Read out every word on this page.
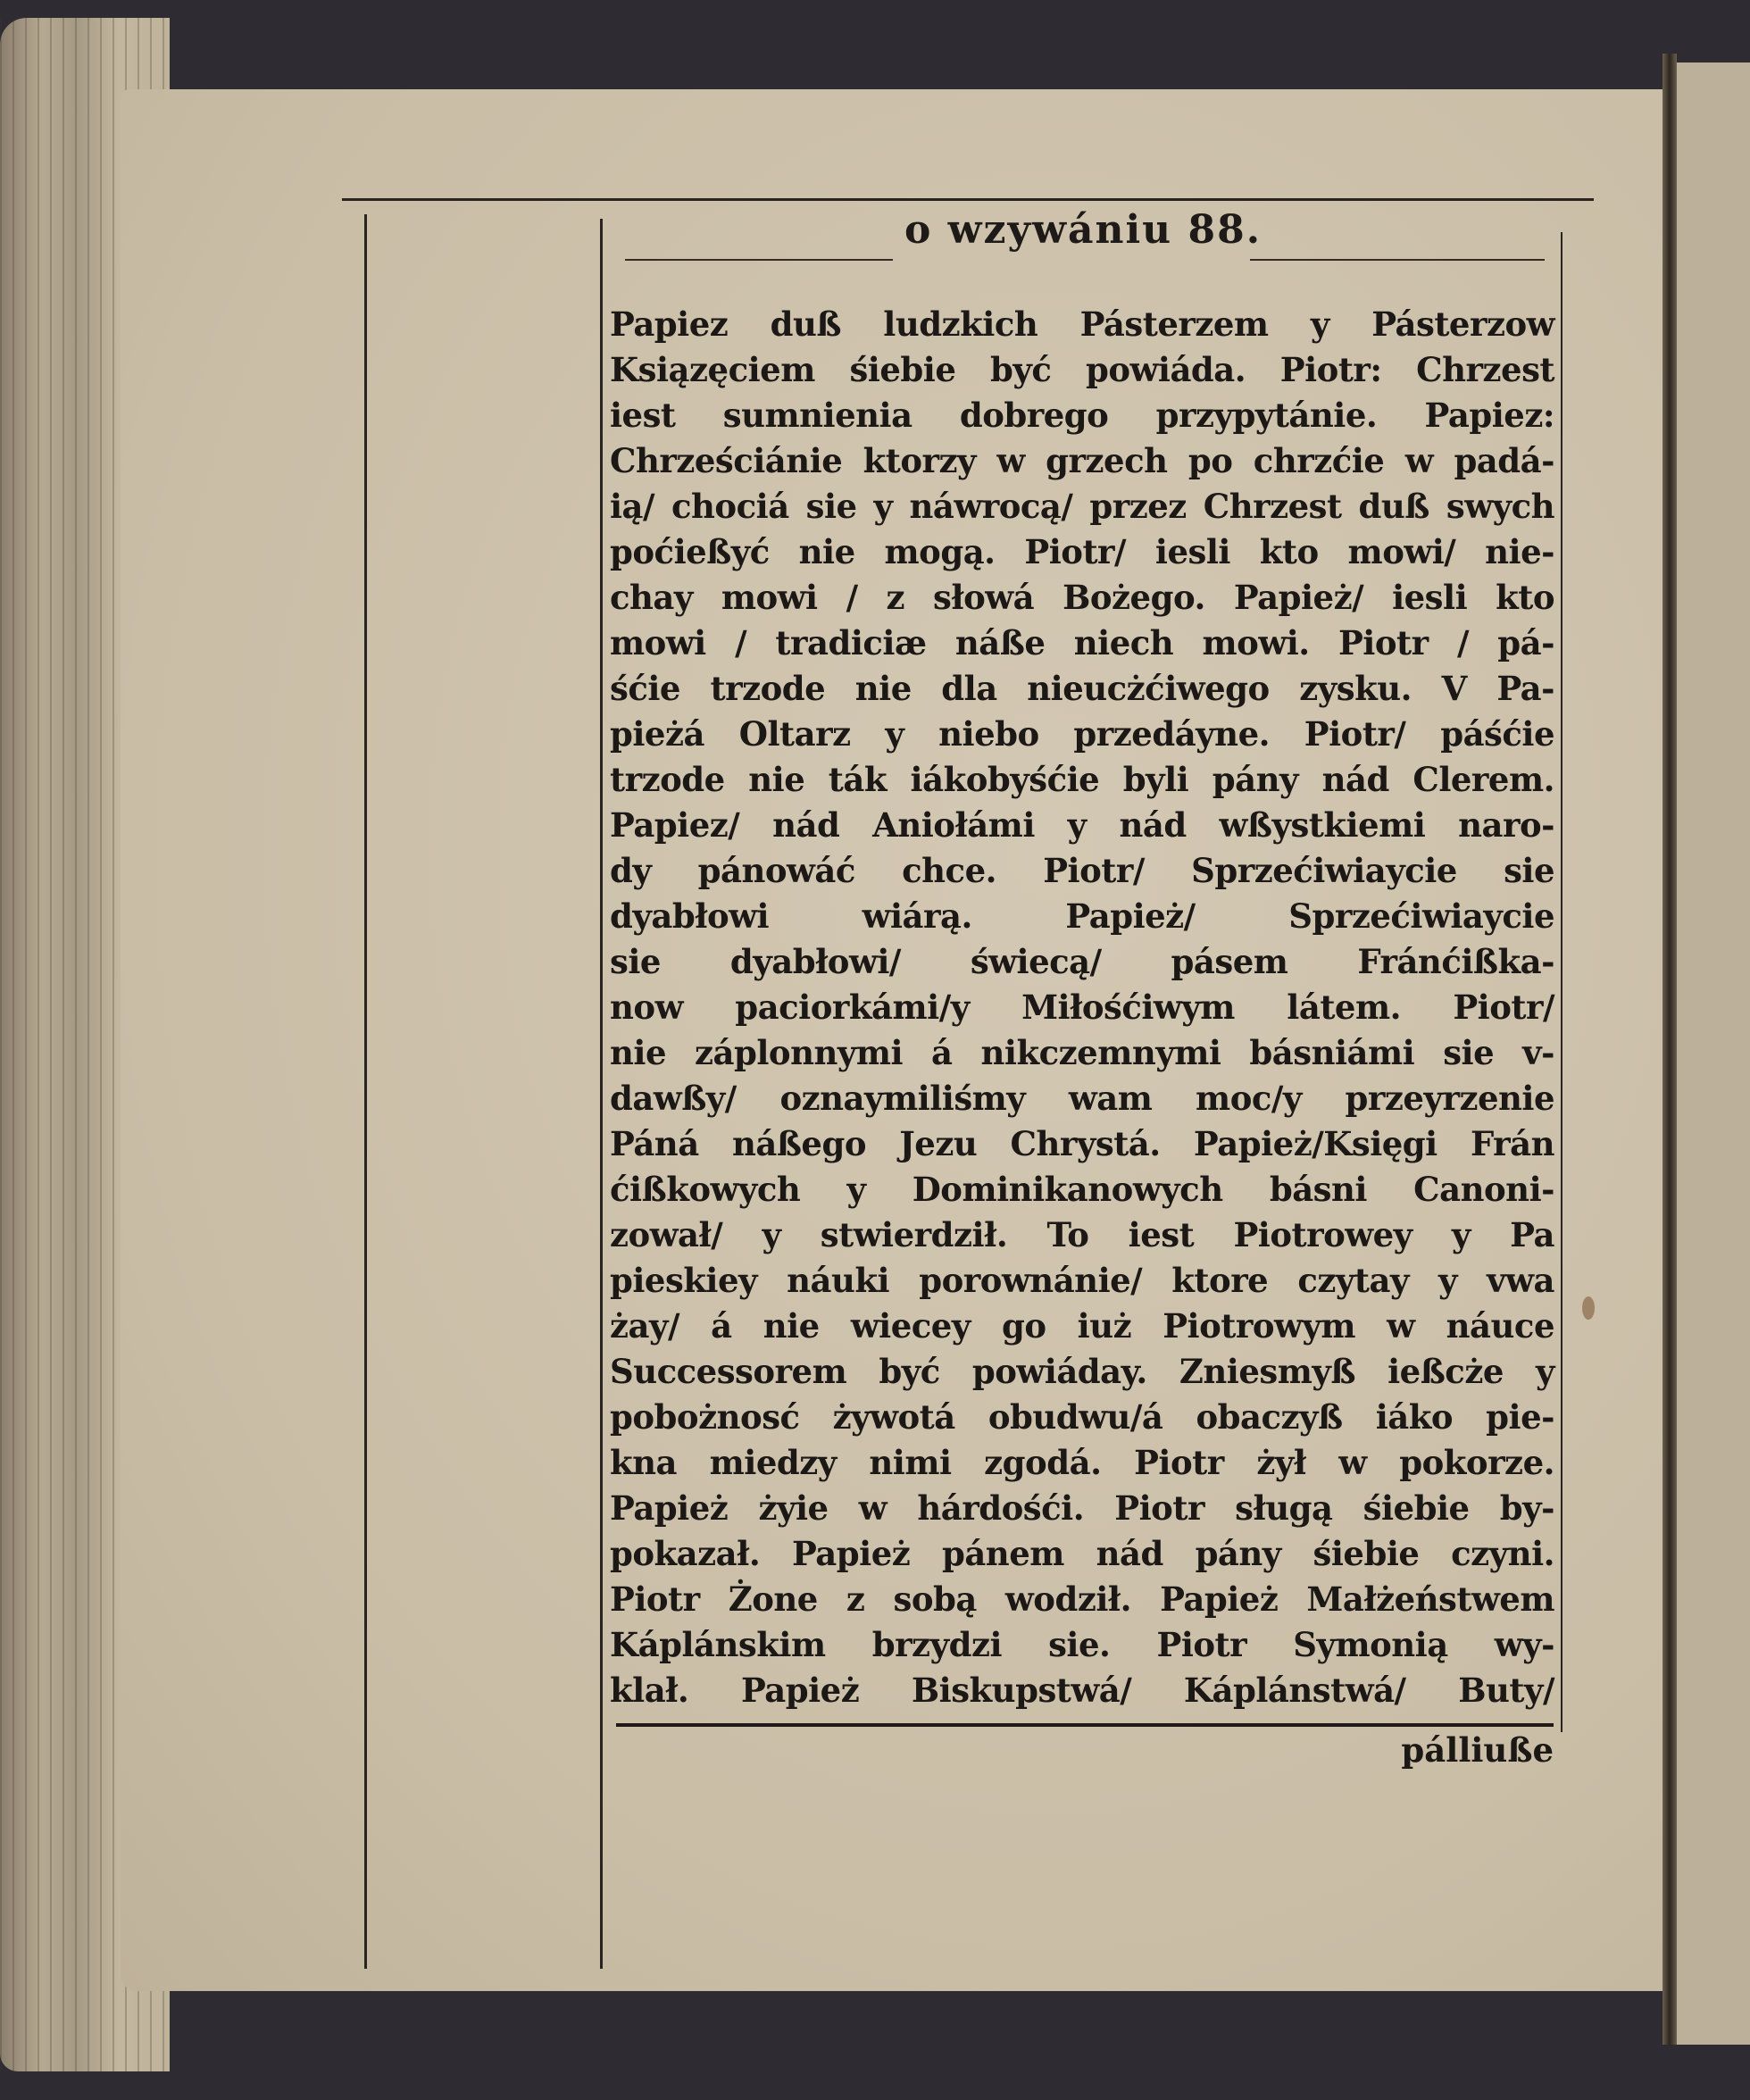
o wzywániu 88.
Papiez duß ludzkich Pásterzem y Pásterzow
Ksiązęciem śiebie być powiáda. Piotr: Chrzest
iest sumnienia dobrego przypytánie. Papiez:
Chrześciánie ktorzy w grzech po chrzćie w padá-
ią/ chociá sie y náwrocą/ przez Chrzest duß swych
poćießyć nie mogą. Piotr/ iesli kto mowi/ nie-
chay mowi / z słowá Bożego. Papież/ iesli kto
mowi / tradiciæ náße niech mowi. Piotr / pá-
śćie trzode nie dla nieucżćiwego zysku. V Pa-
pieżá Oltarz y niebo przedáyne. Piotr/ páśćie
trzode nie ták iákobyśćie byli pány nád Clerem.
Papiez/ nád Aniołámi y nád wßystkiemi naro-
dy pánowáć chce. Piotr/ Sprzećiwiaycie sie
dyabłowi wiárą. Papież/ Sprzećiwiaycie
sie dyabłowi/ świecą/ pásem Fránćißka-
now paciorkámi/y Miłośćiwym látem. Piotr/
nie záplonnymi á nikczemnymi básniámi sie v-
dawßy/ oznaymiliśmy wam moc/y przeyrzenie
Páná náßego Jezu Chrystá. Papież/Księgi Frán
ćißkowych y Dominikanowych básni Canoni-
zował/ y stwierdził. To iest Piotrowey y Pa
pieskiey náuki porownánie/ ktore czytay y vwa
żay/ á nie wiecey go iuż Piotrowym w náuce
Successorem być powiáday. Zniesmyß ießcże y
pobożnosć żywotá obudwu/á obaczyß iáko pie-
kna miedzy nimi zgodá. Piotr żył w pokorze.
Papież żyie w hárdośći. Piotr sługą śiebie by-
pokazał. Papież pánem nád pány śiebie czyni.
Piotr Żone z sobą wodził. Papież Małżeństwem
Káplánskim brzydzi sie. Piotr Symonią wy-
klał. Papież Biskupstwá/ Káplánstwá/ Buty/
pálliuße
